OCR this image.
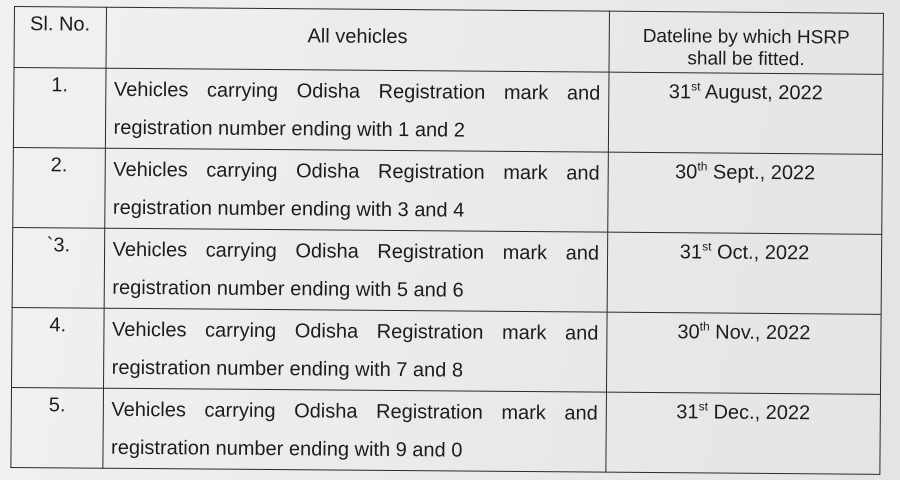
Sl. No.	All vehicles	Dateline by which HSRP
shall be fitted.
1.	Vehicles carrying Odisha Registration mark and
registration number ending with 1 and 2	31st August, 2022
2.	Vehicles carrying Odisha Registration mark and
registration number ending with 3 and 4	30th Sept., 2022
`3.	Vehicles carrying Odisha Registration mark and
registration number ending with 5 and 6	31st Oct., 2022
4.	Vehicles carrying Odisha Registration mark and
registration number ending with 7 and 8	30th Nov., 2022
5.	Vehicles carrying Odisha Registration mark and
registration number ending with 9 and 0	31st Dec., 2022
